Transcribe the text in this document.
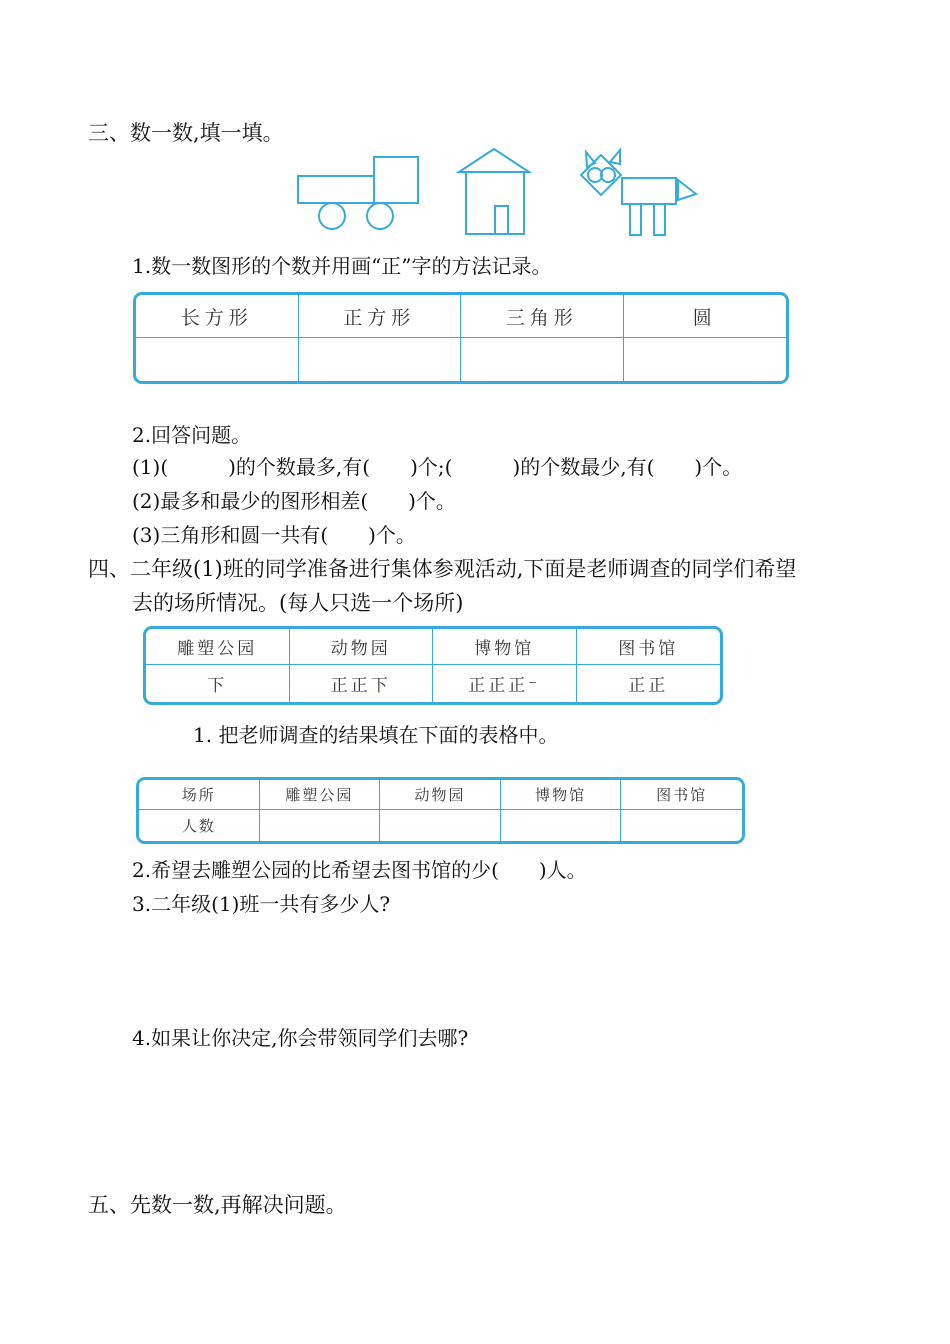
三、数一数,填一填。
1.数一数图形的个数并用画“正”字的方法记录。
长方形	正方形	三角形	圆

2.回答问题。
(1)(　　　)的个数最多,有(　　)个;(　　　)的个数最少,有(　　)个。
(2)最多和最少的图形相差(　　)个。
(3)三角形和圆一共有(　　)个。
四、二年级(1)班的同学准备进行集体参观活动,下面是老师调查的同学们希望
去的场所情况。(每人只选一个场所)
雕塑公园	动物园	博物馆	图书馆
下	正正下	正正正⁻	正正
1. 把老师调查的结果填在下面的表格中。
场所	雕塑公园	动物园	博物馆	图书馆
人数				
2.希望去雕塑公园的比希望去图书馆的少(　　)人。
3.二年级(1)班一共有多少人?
4.如果让你决定,你会带领同学们去哪?
五、先数一数,再解决问题。
